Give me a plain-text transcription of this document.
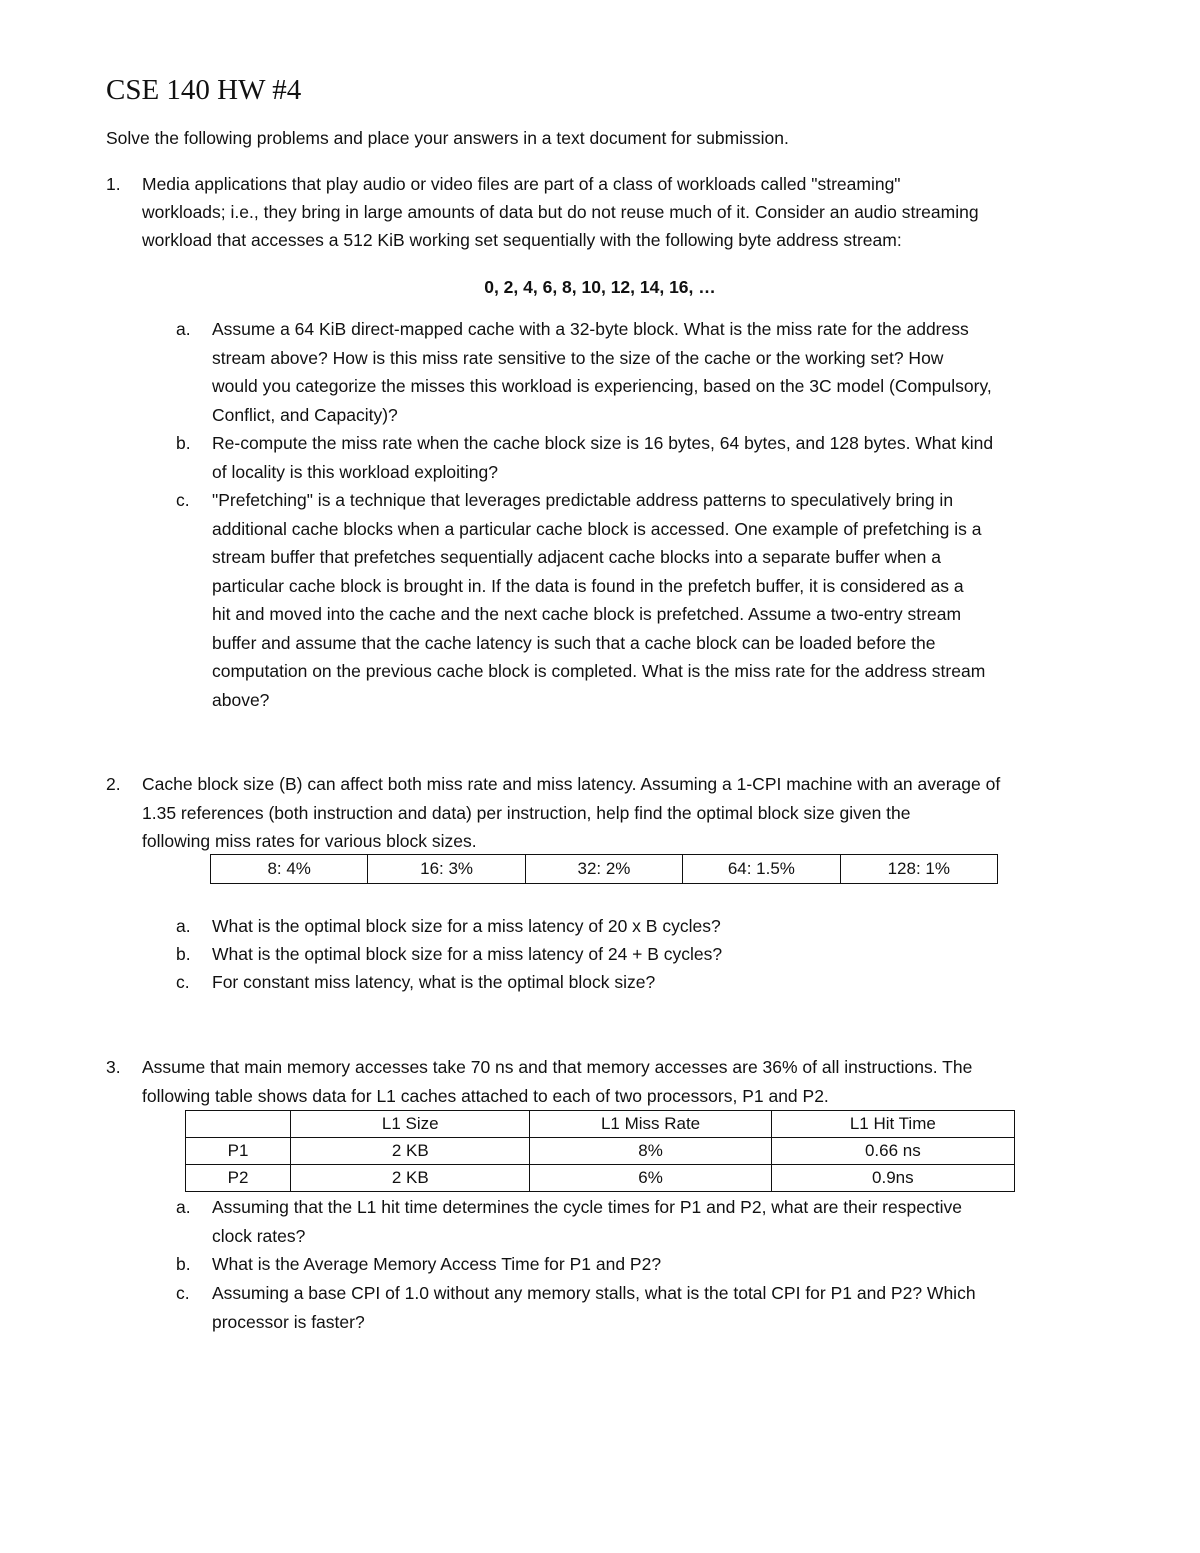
CSE 140 HW #4
Solve the following problems and place your answers in a text document for submission.
1.	Media applications that play audio or video files are part of a class of workloads called "streaming"
workloads; i.e., they bring in large amounts of data but do not reuse much of it. Consider an audio streaming
workload that accesses a 512 KiB working set sequentially with the following byte address stream:
0, 2, 4, 6, 8, 10, 12, 14, 16, …
a.	Assume a 64 KiB direct-mapped cache with a 32-byte block. What is the miss rate for the address
stream above? How is this miss rate sensitive to the size of the cache or the working set? How
would you categorize the misses this workload is experiencing, based on the 3C model (Compulsory,
Conflict, and Capacity)?
b.	Re-compute the miss rate when the cache block size is 16 bytes, 64 bytes, and 128 bytes. What kind
of locality is this workload exploiting?
c.	"Prefetching" is a technique that leverages predictable address patterns to speculatively bring in
additional cache blocks when a particular cache block is accessed. One example of prefetching is a
stream buffer that prefetches sequentially adjacent cache blocks into a separate buffer when a
particular cache block is brought in. If the data is found in the prefetch buffer, it is considered as a
hit and moved into the cache and the next cache block is prefetched. Assume a two-entry stream
buffer and assume that the cache latency is such that a cache block can be loaded before the
computation on the previous cache block is completed. What is the miss rate for the address stream
above?
2.	Cache block size (B) can affect both miss rate and miss latency. Assuming a 1-CPI machine with an average of
1.35 references (both instruction and data) per instruction, help find the optimal block size given the
following miss rates for various block sizes.
8: 4%	16: 3%	32: 2%	64: 1.5%	128: 1%
a.	What is the optimal block size for a miss latency of 20 x B cycles?
b.	What is the optimal block size for a miss latency of 24 + B cycles?
c.	For constant miss latency, what is the optimal block size?
3.	Assume that main memory accesses take 70 ns and that memory accesses are 36% of all instructions. The
following table shows data for L1 caches attached to each of two processors, P1 and P2.
	L1 Size	L1 Miss Rate	L1 Hit Time
P1	2 KB	8%	0.66 ns
P2	2 KB	6%	0.9ns
a.	Assuming that the L1 hit time determines the cycle times for P1 and P2, what are their respective
clock rates?
b.	What is the Average Memory Access Time for P1 and P2?
c.	Assuming a base CPI of 1.0 without any memory stalls, what is the total CPI for P1 and P2? Which
processor is faster?
